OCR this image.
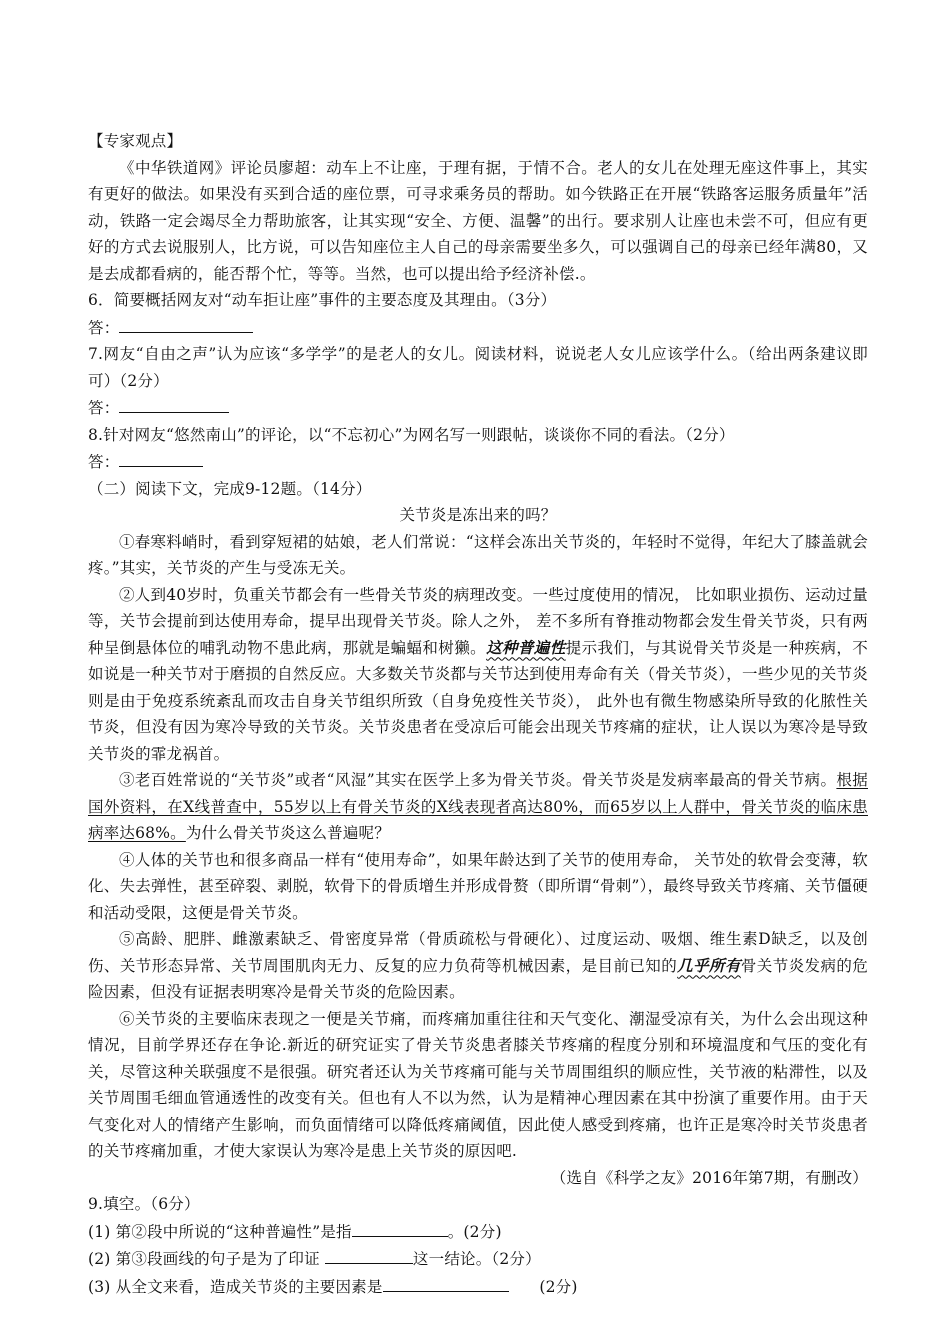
【专家观点】
《中华铁道网》评论员廖超：动车上不让座，于理有据，于情不合。老人的女儿在处理无座这件事上，其实有更好的做法。如果没有买到合适的座位票，可寻求乘务员的帮助。如今铁路正在开展“铁路客运服务质量年”活动，铁路一定会竭尽全力帮助旅客，让其实现“安全、方便、温馨”的出行。要求别人让座也未尝不可，但应有更好的方式去说服别人，比方说，可以告知座位主人自己的母亲需要坐多久，可以强调自己的母亲已经年满80，又是去成都看病的，能否帮个忙，等等。当然，也可以提出给予经济补偿.。
6．简要概括网友对“动车拒让座”事件的主要态度及其理由。（3分）
答：
7.网友“自由之声”认为应该“多学学”的是老人的女儿。阅读材料，说说老人女儿应该学什么。（给出两条建议即可）（2分）
答：
8.针对网友“悠然南山”的评论，以“不忘初心”为网名写一则跟帖，谈谈你不同的看法。（2分）
答：
（二）阅读下文，完成9-12题。（14分）
关节炎是冻出来的吗？
①春寒料峭时，看到穿短裙的姑娘，老人们常说：“这样会冻出关节炎的，年轻时不觉得，年纪大了膝盖就会疼。”其实，关节炎的产生与受冻无关。
②人到40岁时，负重关节都会有一些骨关节炎的病理改变。一些过度使用的情况， 比如职业损伤、运动过量等，关节会提前到达使用寿命，提早出现骨关节炎。除人之外， 差不多所有脊推动物都会发生骨关节炎，只有两种呈倒悬体位的哺乳动物不患此病，那就是蝙蝠和树獭。这种普遍性提示我们，与其说骨关节炎是一种疾病，不如说是一种关节对于磨损的自然反应。大多数关节炎都与关节达到使用寿命有关（骨关节炎），一些少见的关节炎则是由于免疫系统紊乱而攻击自身关节组织所致（自身免疫性关节炎）， 此外也有微生物感染所导致的化脓性关节炎，但没有因为寒冷导致的关节炎。关节炎患者在受凉后可能会出现关节疼痛的症状，让人误以为寒冷是导致关节炎的霏龙祸首。
③老百姓常说的“关节炎”或者“风湿”其实在医学上多为骨关节炎。骨关节炎是发病率最高的骨关节病。根据国外资料，在X线普查中，55岁以上有骨关节炎的X线表现者高达80%，而65岁以上人群中，骨关节炎的临床患病率达68%。为什么骨关节炎这么普遍呢？
④人体的关节也和很多商品一样有“使用寿命”，如果年龄达到了关节的使用寿命， 关节处的软骨会变薄，软化、失去弹性，甚至碎裂、剥脱，软骨下的骨质增生并形成骨赘（即所谓“骨刺”），最终导致关节疼痛、关节僵硬和活动受限，这便是骨关节炎。
⑤高龄、肥胖、雌激素缺乏、骨密度异常（骨质疏松与骨硬化）、过度运动、吸烟、维生素D缺乏，以及创伤、关节形态异常、关节周围肌肉无力、反复的应力负荷等机械因素，是目前已知的几乎所有骨关节炎发病的危险因素，但没有证据表明寒冷是骨关节炎的危险因素。
⑥关节炎的主要临床表现之一便是关节痛，而疼痛加重往往和天气变化、潮湿受凉有关，为什么会出现这种情况，目前学界还存在争论.新近的研究证实了骨关节炎患者膝关节疼痛的程度分别和环境温度和气压的变化有关，尽管这种关联强度不是很强。研究者还认为关节疼痛可能与关节周围组织的顺应性，关节液的粘滞性，以及关节周围毛细血管通透性的改变有关。但也有人不以为然，认为是精神心理因素在其中扮演了重要作用。由于天气变化对人的情绪产生影响，而负面情绪可以降低疼痛阈值，因此使人感受到疼痛，也许正是寒冷时关节炎患者的关节疼痛加重，才使大家误认为寒冷是患上关节炎的原因吧.
（选自《科学之友》2016年第7期，有删改）
9.填空。（6分）
(1) 第②段中所说的“这种普遍性”是指	。(2分)
(2) 第③段画线的句子是为了印证	这一结论。（2分）
(3) 从全文来看，造成关节炎的主要因素是	(2分)
